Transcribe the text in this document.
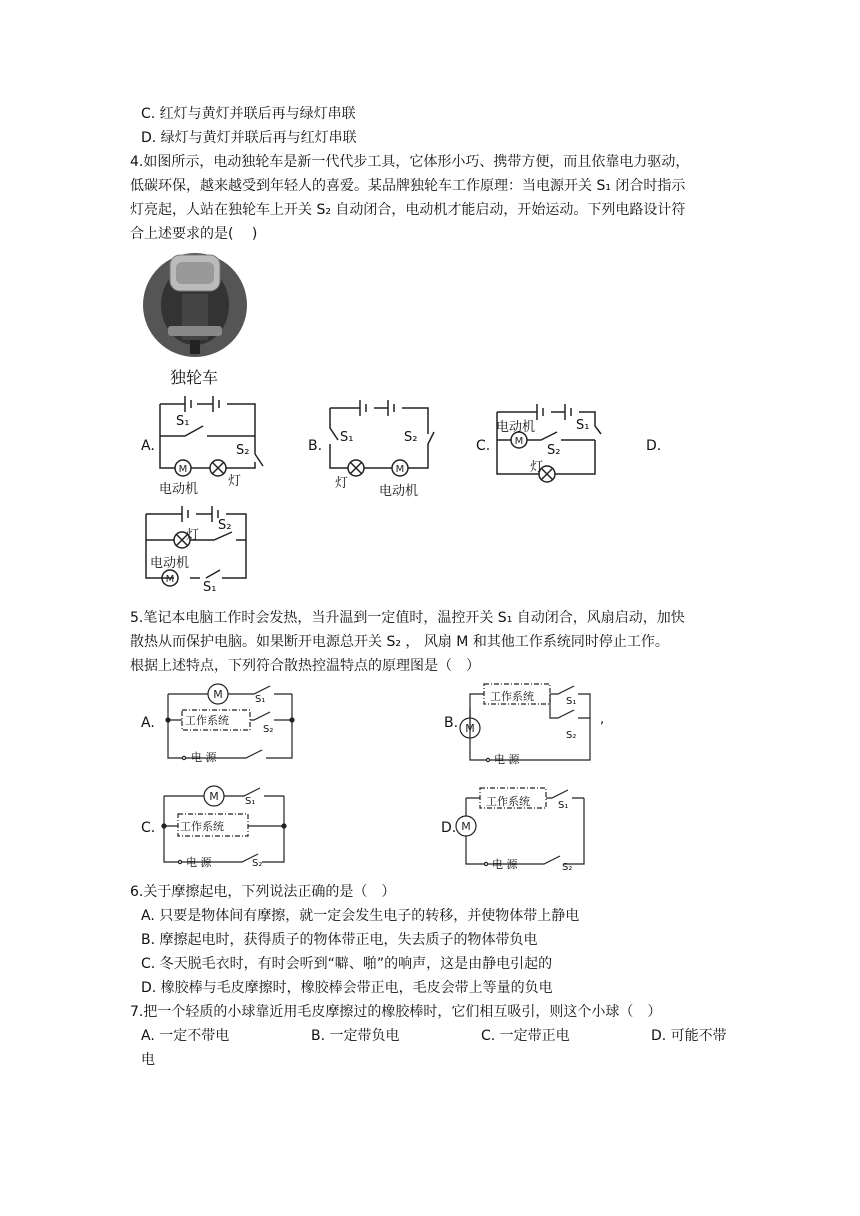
C. 红灯与黄灯并联后再与绿灯串联
D. 绿灯与黄灯并联后再与红灯串联
4.如图所示，电动独轮车是新一代代步工具，它体形小巧、携带方便，而且依靠电力驱动，
低碳环保，越来越受到年轻人的喜爱。某品牌独轮车工作原理：当电源开关 S₁ 闭合时指示
灯亮起，人站在独轮车上开关 S₂ 自动闭合，电动机才能启动，开始运动。下列电路设计符
合上述要求的是(　 )
独轮车
A.	B.	C.	D.
M
S₁
S₂
电动机
灯
M
S₁	S₂
灯
电动机
M
电动机	S₁
S₂
灯
M
灯
S₂
电动机
S₁
5.笔记本电脑工作时会发热，当升温到一定值时，温控开关 S₁ 自动闭合，风扇启动，加快
散热从而保护电脑。如果断开电源总开关 S₂ ， 风扇 M 和其他工作系统同时停止工作。
根据上述特点，下列符合散热控温特点的原理图是（　）
A.	B.
C.	D.
M
工作系统
电 源
S₁
S₂	M
工作系统
电 源
S₁
S₂
,
M
工作系统
电 源
S₁
S₂
M
工作系统
电 源
S₁
S₂
6.关于摩擦起电，下列说法正确的是（　）
A. 只要是物体间有摩擦，就一定会发生电子的转移，并使物体带上静电
B. 摩擦起电时，获得质子的物体带正电，失去质子的物体带负电
C. 冬天脱毛衣时，有时会听到“噼、啪”的响声，这是由静电引起的
D. 橡胶棒与毛皮摩擦时，橡胶棒会带正电，毛皮会带上等量的负电
7.把一个轻质的小球靠近用毛皮摩擦过的橡胶棒时，它们相互吸引，则这个小球（　）
A. 一定不带电	B. 一定带负电	C. 一定带正电	D. 可能不带
电
